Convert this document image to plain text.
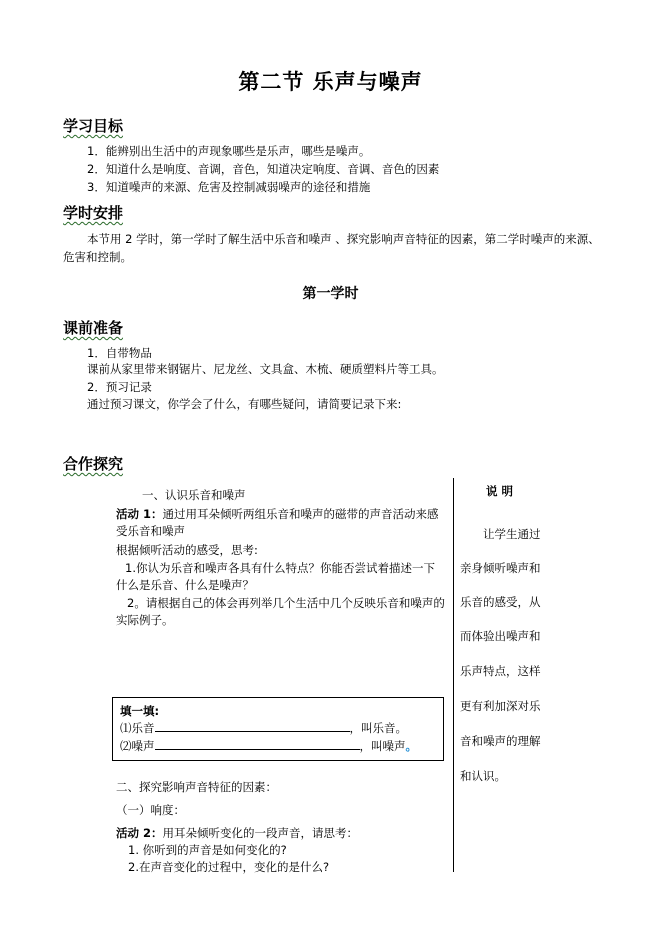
第二节 乐声与噪声
学习目标
1．能辨别出生活中的声现象哪些是乐声，哪些是噪声。
2．知道什么是响度、音调，音色，知道决定响度、音调、音色的因素
3．知道噪声的来源、危害及控制减弱噪声的途径和措施
学时安排
本节用 2 学时，第一学时了解生活中乐音和噪声 、探究影响声音特征的因素，第二学时噪声的来源、
危害和控制。
第一学时
课前准备
1．自带物品
课前从家里带来钢锯片、尼龙丝、文具盒、木梳、硬质塑料片等工具。
2．预习记录
通过预习课文，你学会了什么，有哪些疑问，请简要记录下来:
合作探究
一、认识乐音和噪声
活动 1：通过用耳朵倾听两组乐音和噪声的磁带的声音活动来感
受乐音和噪声
根据倾听活动的感受，思考:
1.你认为乐音和噪声各具有什么特点？你能否尝试着描述一下
什么是乐音、什么是噪声？
2。请根据自己的体会再列举几个生活中几个反映乐音和噪声的
实际例子。
填一填:
⑴乐音	，叫乐音。
⑵噪声	，叫噪声。
二、探究影响声音特征的因素：
（一）响度：
活动 2：用耳朵倾听变化的一段声音，请思考：
1. 你听到的声音是如何变化的?
2.在声音变化的过程中，变化的是什么?
说 明
让学生通过
亲身倾听噪声和
乐音的感受，从
而体验出噪声和
乐声特点，这样
更有利加深对乐
音和噪声的理解
和认识。
